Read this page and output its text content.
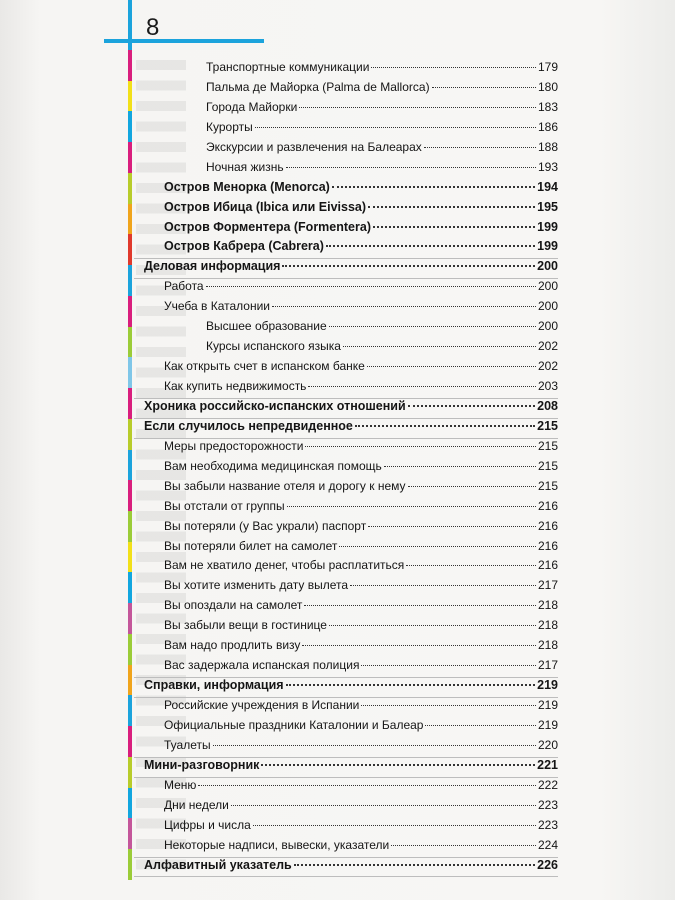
8
Транспортные коммуникации	179
Пальма де Майорка (Palma de Mallorca)	180
Города Майорки	183
Курорты	186
Экскурсии и развлечения на Балеарах	188
Ночная жизнь	193
Остров Менорка (Menorca)	194
Остров Ибица (Ibica или Eivissa)	195
Остров Форментера (Formentera)	199
Остров Кабрера (Cabrera)	199
Деловая информация	200
Работа	200
Учеба в Каталонии	200
Высшее образование	200
Курсы испанского языка	202
Как открыть счет в испанском банке	202
Как купить недвижимость	203
Хроника российско-испанских отношений	208
Если случилось непредвиденное	215
Меры предосторожности	215
Вам необходима медицинская помощь	215
Вы забыли название отеля и дорогу к нему	215
Вы отстали от группы	216
Вы потеряли (у Вас украли) паспорт	216
Вы потеряли билет на самолет	216
Вам не хватило денег, чтобы расплатиться	216
Вы хотите изменить дату вылета	217
Вы опоздали на самолет	218
Вы забыли вещи в гостинице	218
Вам надо продлить визу	218
Вас задержала испанская полиция	217
Справки, информация	219
Российские учреждения в Испании	219
Официальные праздники Каталонии и Балеар	219
Туалеты	220
Мини-разговорник	221
Меню	222
Дни недели	223
Цифры и числа	223
Некоторые надписи, вывески, указатели	224
Алфавитный указатель	226
